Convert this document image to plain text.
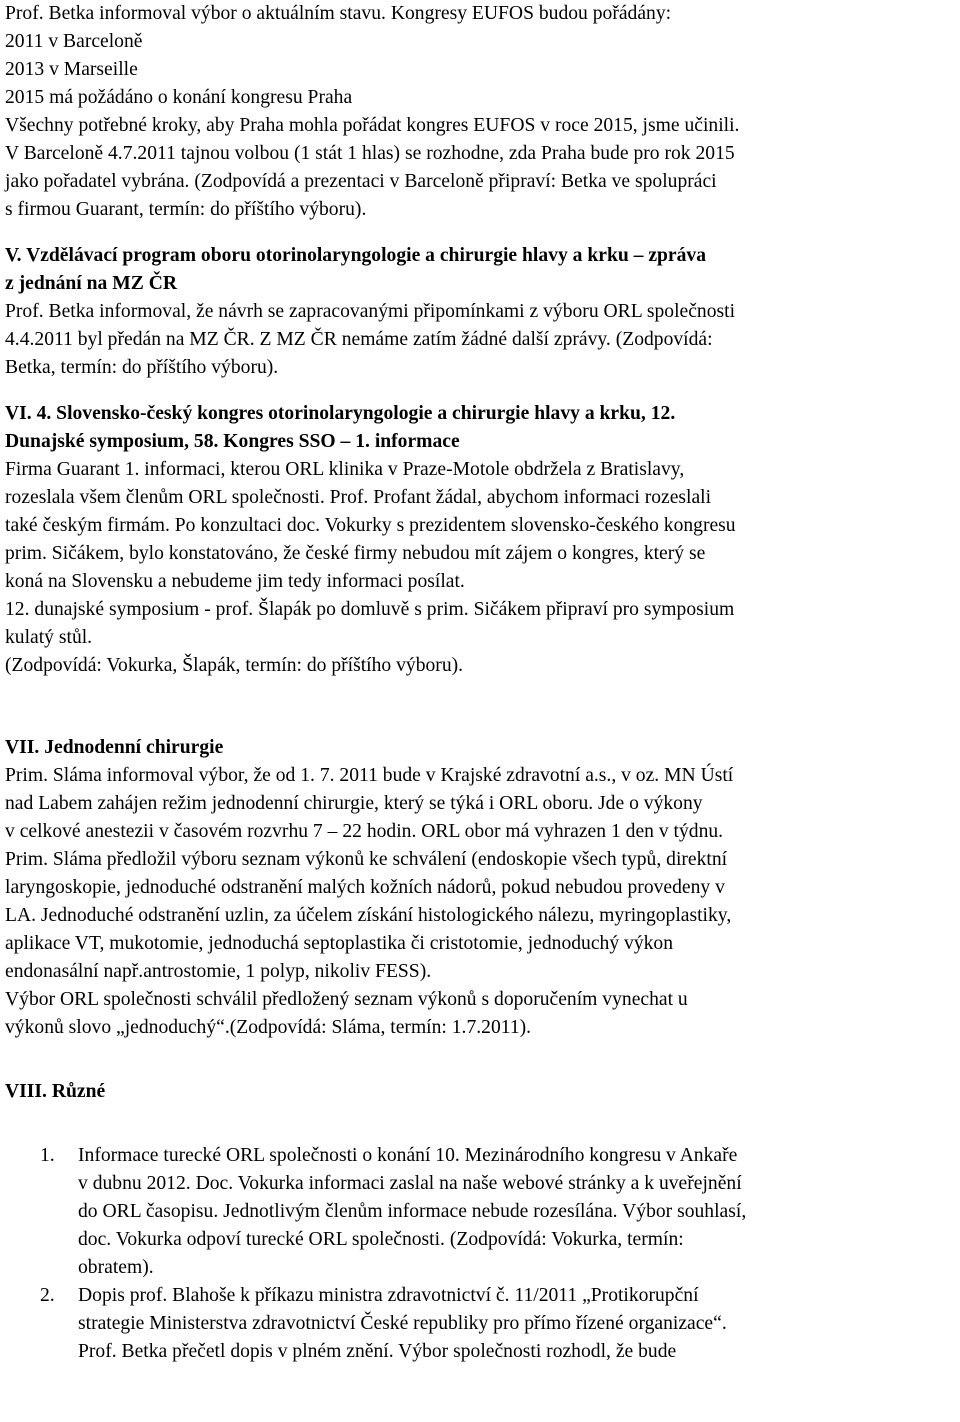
Prof. Betka informoval výbor o aktuálním stavu. Kongresy EUFOS budou pořádány:
2011 v Barceloně
2013 v Marseille
2015 má požádáno o konání kongresu Praha
Všechny potřebné kroky, aby Praha mohla pořádat kongres EUFOS v roce 2015, jsme učinili.
V Barceloně 4.7.2011 tajnou volbou (1 stát 1 hlas) se rozhodne, zda Praha bude pro rok 2015
jako pořadatel vybrána. (Zodpovídá a prezentaci v Barceloně připraví: Betka ve spolupráci
s firmou Guarant, termín: do příštího výboru).
V. Vzdělávací program oboru otorinolaryngologie a chirurgie hlavy a krku – zpráva
z jednání na MZ ČR
Prof. Betka informoval, že návrh se zapracovanými připomínkami z výboru ORL společnosti
4.4.2011 byl předán na MZ ČR. Z MZ ČR nemáme zatím žádné další zprávy. (Zodpovídá:
Betka, termín: do příštího výboru).
VI. 4. Slovensko-český kongres otorinolaryngologie a chirurgie hlavy a krku, 12.
Dunajské symposium, 58. Kongres SSO – 1. informace
Firma Guarant 1. informaci, kterou ORL klinika v Praze-Motole obdržela z Bratislavy,
rozeslala všem členům ORL společnosti. Prof. Profant žádal, abychom informaci rozeslali
také českým firmám. Po konzultaci doc. Vokurky s prezidentem slovensko-českého kongresu
prim. Sičákem, bylo konstatováno, že české firmy nebudou mít zájem o kongres, který se
koná na Slovensku a nebudeme jim tedy informaci posílat.
12. dunajské symposium - prof. Šlapák po domluvě s prim. Sičákem připraví pro symposium
kulatý stůl.
(Zodpovídá: Vokurka, Šlapák, termín: do příštího výboru).
VII. Jednodenní chirurgie
Prim. Sláma informoval výbor, že od 1. 7. 2011 bude v Krajské zdravotní a.s., v oz. MN Ústí
nad Labem zahájen režim jednodenní chirurgie, který se týká i ORL oboru. Jde o výkony
v celkové anestezii v časovém rozvrhu 7 – 22 hodin. ORL obor má vyhrazen 1 den v týdnu.
Prim. Sláma předložil výboru seznam výkonů ke schválení (endoskopie všech typů, direktní
laryngoskopie, jednoduché odstranění malých kožních nádorů, pokud nebudou provedeny v
LA. Jednoduché odstranění uzlin, za účelem získání histologického nálezu, myringoplastiky,
aplikace VT, mukotomie, jednoduchá septoplastika či cristotomie, jednoduchý výkon
endonasální např.antrostomie, 1 polyp, nikoliv FESS).
Výbor ORL společnosti schválil předložený seznam výkonů s doporučením vynechat u
výkonů slovo „jednoduchý“.(Zodpovídá: Sláma, termín: 1.7.2011).
VIII. Různé
1. Informace turecké ORL společnosti o konání 10. Mezinárodního kongresu v Ankaře
v dubnu 2012. Doc. Vokurka informaci zaslal na naše webové stránky a k uveřejnění
do ORL časopisu. Jednotlivým členům informace nebude rozesílána. Výbor souhlasí,
doc. Vokurka odpoví turecké ORL společnosti. (Zodpovídá: Vokurka, termín:
obratem).
2. Dopis prof. Blahoše k příkazu ministra zdravotnictví č. 11/2011 „Protikorupční
strategie Ministerstva zdravotnictví České republiky pro přímo řízené organizace“.
Prof. Betka přečetl dopis v plném znění. Výbor společnosti rozhodl, že bude
